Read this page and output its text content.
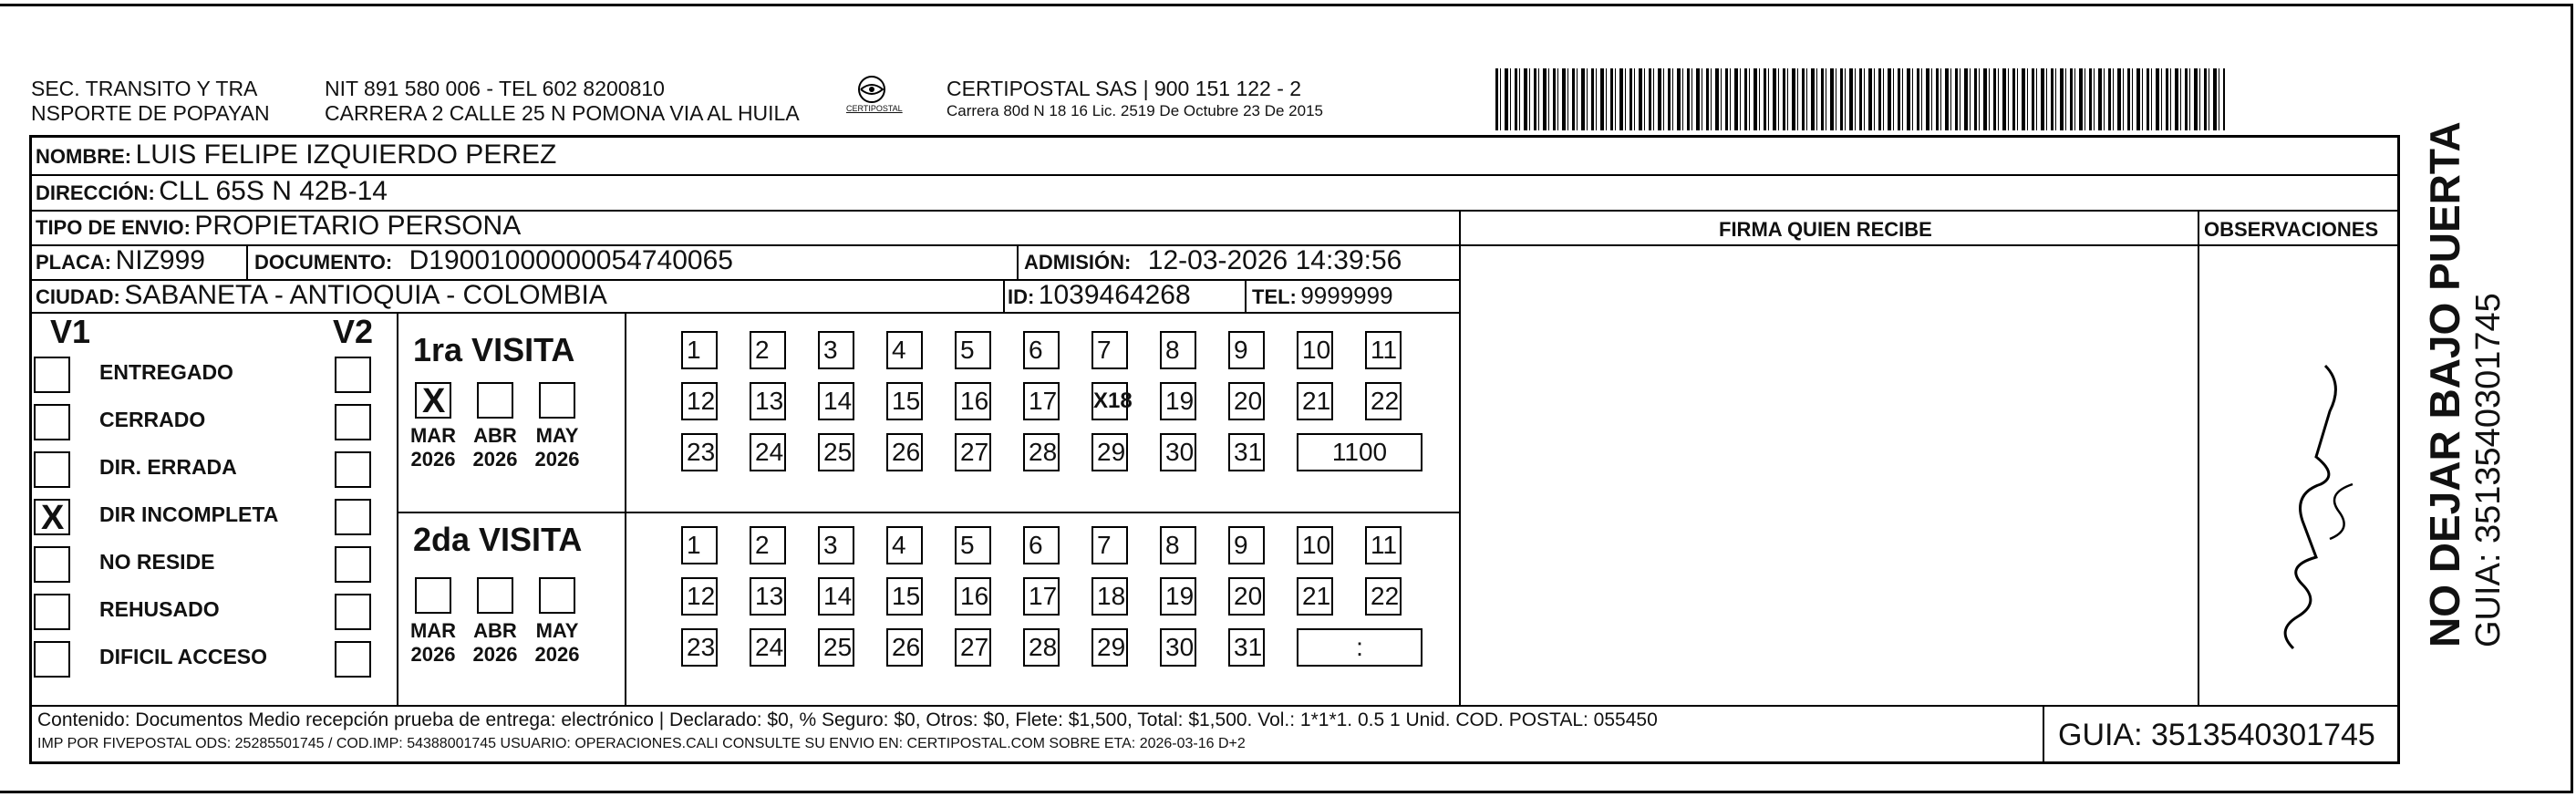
SEC. TRANSITO Y TRA
NSPORTE DE POPAYAN
NIT 891 580 006 - TEL 602 8200810
CARRERA 2 CALLE 25 N POMONA VIA AL HUILA	CERTIPOSTAL
CERTIPOSTAL SAS | 900 151 122 - 2
Carrera 80d N 18 16 Lic. 2519 De Octubre 23 De 2015
NOMBRE: LUIS FELIPE IZQUIERDO PEREZ
DIRECCIÓN: CLL 65S N 42B-14
TIPO DE ENVIO: PROPIETARIO PERSONA	FIRMA QUIEN RECIBE	OBSERVACIONES
PLACA: NIZ999 DOCUMENTO: D19001000000054740065	ADMISIÓN: 12-03-2026 14:39:56
CIUDAD: SABANETA - ANTIOQUIA - COLOMBIA	ID: 1039464268	TEL: 9999999
V1	V2 1ra VISITA
2da VISITA
Contenido: Documentos Medio recepción prueba de entrega: electrónico | Declarado: $0, % Seguro: $0, Otros: $0, Flete: $1,500, Total: $1,500. Vol.: 1*1*1. 0.5 1 Unid. COD. POSTAL: 055450
IMP POR FIVEPOSTAL ODS: 25285501745 / COD.IMP: 54388001745 USUARIO: OPERACIONES.CALI CONSULTE SU ENVIO EN: CERTIPOSTAL.COM SOBRE ETA: 2026-03-16 D+2	GUIA: 3513540301745
ENTREGADO
CERRADO
DIR. ERRADA
X DIR INCOMPLETA
NO RESIDE
REHUSADO
DIFICIL ACCESO
X
MAR
2026
ABR
2026
MAY
2026
1	2	3	4	5	6	7	8	9	10 11
12 13 14 15 16 17 X18 19 20 21 22
23 24 25 26 27 28 29 30 31	1100
MAR
2026
ABR
2026
MAY
2026
1	2	3	4	5	6	7	8	9	10 11
12 13 14 15 16 17 18 19 20 21 22
23 24 25 26 27 28 29 30 31	:	NO DEJAR BAJO PUERTA GUIA: 3513540301745
